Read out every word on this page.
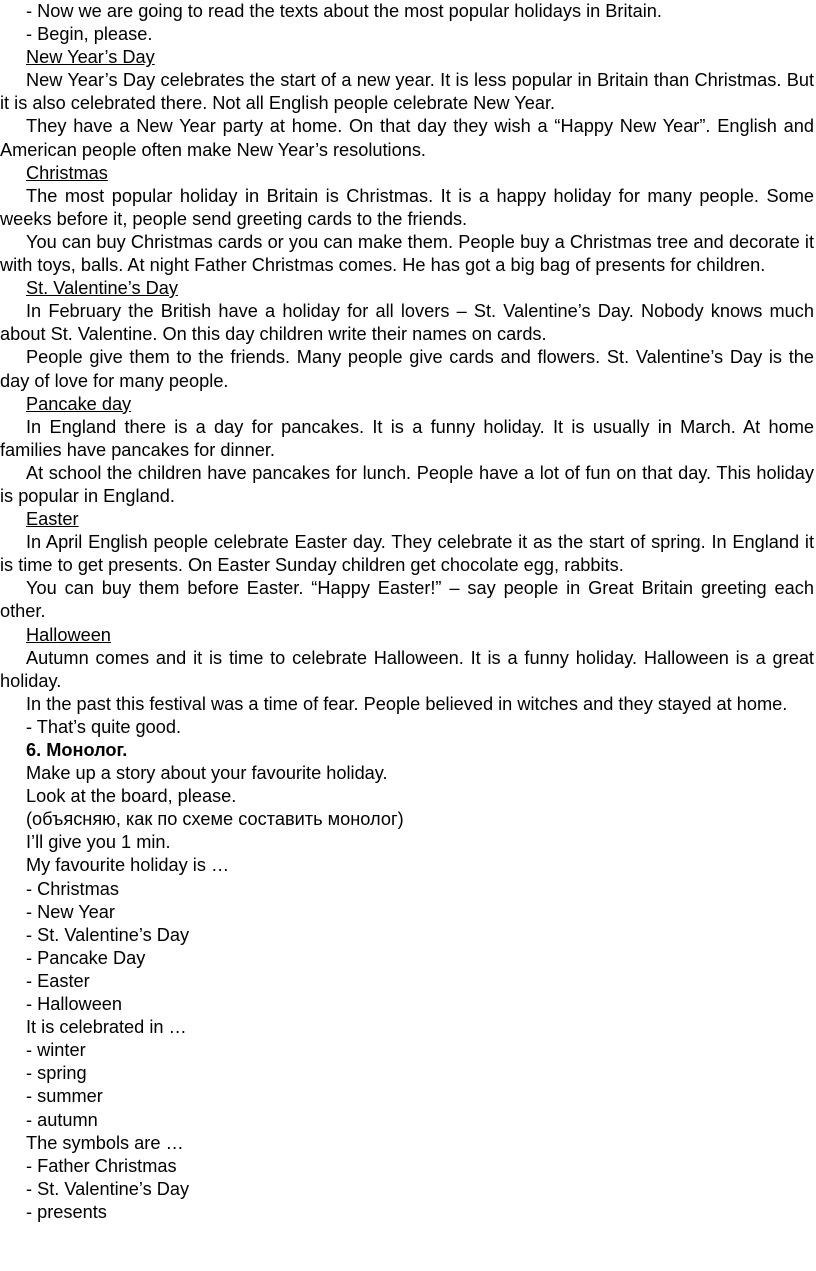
- Now we are going to read the texts about the most popular holidays in Britain.

- Begin, please.

New Year’s Day

New Year’s Day celebrates the start of a new year. It is less popular in Britain than Christmas. But it is also celebrated there. Not all English people celebrate New Year.

They have a New Year party at home. On that day they wish a “Happy New Year”. English and American people often make New Year’s resolutions.

Christmas

The most popular holiday in Britain is Christmas. It is a happy holiday for many people. Some weeks before it, people send greeting cards to the friends.

You can buy Christmas cards or you can make them. People buy a Christmas tree and decorate it with toys, balls. At night Father Christmas comes. He has got a big bag of presents for children.

St. Valentine’s Day

In February the British have a holiday for all lovers – St. Valentine’s Day. Nobody knows much about St. Valentine. On this day children write their names on cards.

People give them to the friends. Many people give cards and flowers. St. Valentine’s Day is the day of love for many people.

Pancake day

In England there is a day for pancakes. It is a funny holiday. It is usually in March. At home families have pancakes for dinner.

At school the children have pancakes for lunch. People have a lot of fun on that day. This holiday is popular in England.

Easter

In April English people celebrate Easter day. They celebrate it as the start of spring. In England it is time to get presents. On Easter Sunday children get chocolate egg, rabbits.

You can buy them before Easter. “Happy Easter!” – say people in Great Britain greeting each other.

Halloween

Autumn comes and it is time to celebrate Halloween. It is a funny holiday. Halloween is a great holiday.

In the past this festival was a time of fear. People believed in witches and they stayed at home.

- That’s quite good.

6. Монолог.

Make up a story about your favourite holiday.

Look at the board, please.

(объясняю, как по схеме составить монолог)

I’ll give you 1 min.

My favourite holiday is …

- Christmas

- New Year

- St. Valentine’s Day

- Pancake Day

- Easter

- Halloween

It is celebrated in …

- winter

- spring

- summer

- autumn

The symbols are …

- Father Christmas

- St. Valentine’s Day

- presents
